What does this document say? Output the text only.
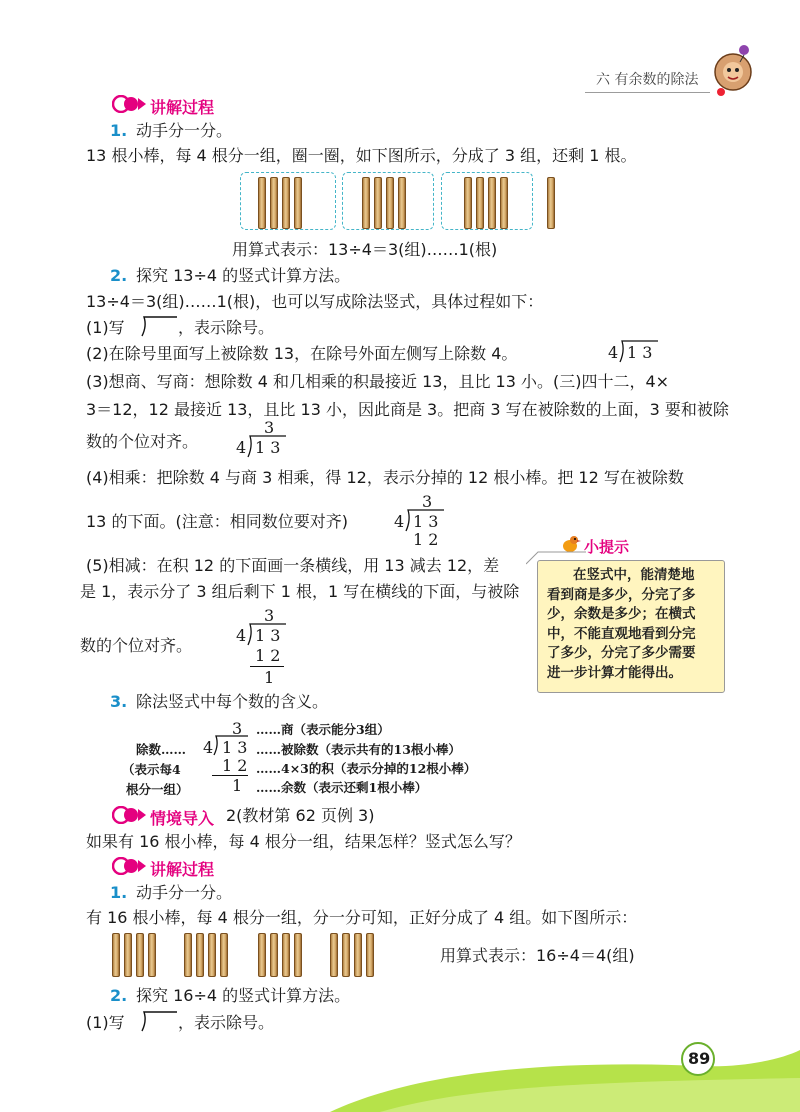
六 有余数的除法
讲解过程
1. 动手分一分。
13 根小棒，每 4 根分一组，圈一圈，如下图所示，分成了 3 组，还剩 1 根。
用算式表示：13÷4＝3(组)……1(根)
2. 探究 13÷4 的竖式计算方法。
13÷4＝3(组)……1(根)，也可以写成除法竖式，具体过程如下：
(1)写	，表示除号。
(2)在除号里面写上被除数 13，在除号外面左侧写上除数 4。	4 1 3
(3)想商、写商：想除数 4 和几相乘的积最接近 13，且比 13 小。(三)四十二，4×
3＝12，12 最接近 13，且比 13 小，因此商是 3。把商 3 写在被除数的上面，3 要和被除
数的个位对齐。
3
4 1 3
(4)相乘：把除数 4 与商 3 相乘，得 12，表示分掉的 12 根小棒。把 12 写在被除数
13 的下面。(注意：相同数位要对齐)
3
4 1 3
1 2
(5)相减：在积 12 的下面画一条横线，用 13 减去 12，差
是 1，表示分了 3 组后剩下 1 根，1 写在横线的下面，与被除
数的个位对齐。
3
4 1 3
1 2
1
小提示
在竖式中，能清楚地
看到商是多少，分完了多
少，余数是多少；在横式
中，不能直观地看到分完
了多少，分完了多少需要
进一步计算才能得出。
3. 除法竖式中每个数的含义。
除数……
（表示每4
根分一组）
3
4 1 3
1 2
1
……商（表示能分3组）
……被除数（表示共有的13根小棒）
……4×3的积（表示分掉的12根小棒）
……余数（表示还剩1根小棒）
情境导入 2(教材第 62 页例 3)
如果有 16 根小棒，每 4 根分一组，结果怎样？竖式怎么写？
讲解过程
1. 动手分一分。
有 16 根小棒，每 4 根分一组，分一分可知，正好分成了 4 组。如下图所示：
用算式表示：16÷4＝4(组)
2. 探究 16÷4 的竖式计算方法。
(1)写	，表示除号。
89
